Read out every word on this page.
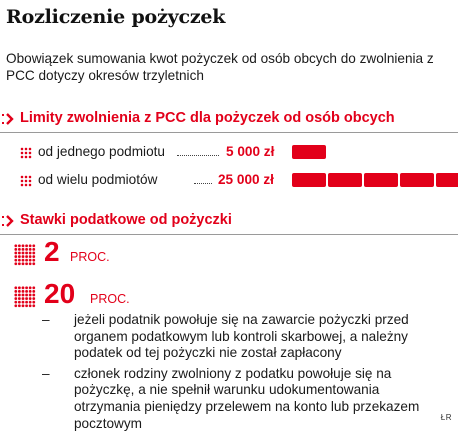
Rozliczenie pożyczek
Obowiązek sumowania kwot pożyczek od osób obcych do zwolnienia z PCC dotyczy okresów trzyletnich
Limity zwolnienia z PCC dla pożyczek od osób obcych
od jednego podmiotu	5 000 zł
od wielu podmiotów	25 000 zł
Stawki podatkowe od pożyczki
2 PROC.
20 PROC.
– jeżeli podatnik powołuje się na zawarcie pożyczki przed organem podatkowym lub kontroli skarbowej, a należny podatek od tej pożyczki nie został zapłacony
– członek rodziny zwolniony z podatku powołuje się na pożyczkę, a nie spełnił warunku udokumentowania otrzymania pieniędzy przelewem na konto lub przekazem pocztowym	ŁR
